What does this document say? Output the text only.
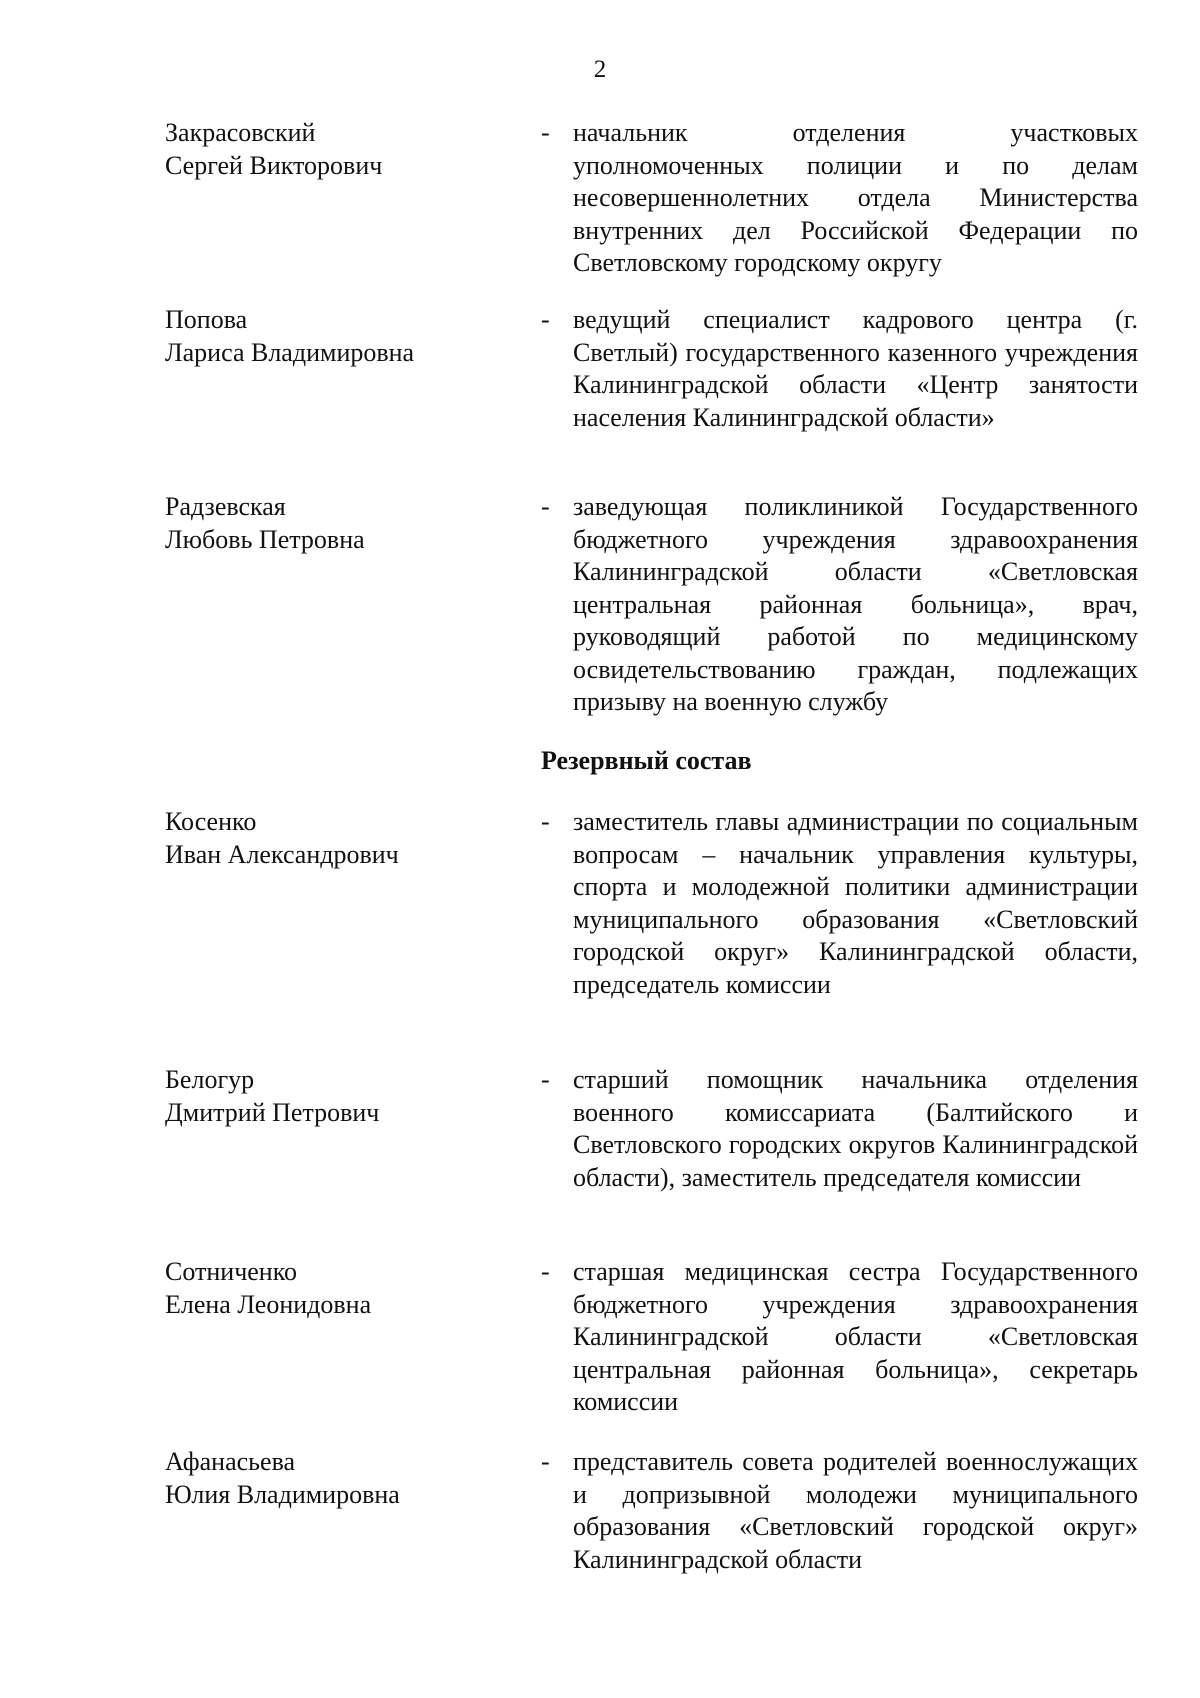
2
Закрасовский
Сергей Викторович
- начальник отделения участковых уполномоченных полиции и по делам несовершеннолетних отдела Министерства внутренних дел Российской Федерации по Светловскому городскому округу
Попова
Лариса Владимировна
- ведущий специалист кадрового центра (г. Светлый) государственного казенного учреждения Калининградской области «Центр занятости населения Калининградской области»
Радзевская
Любовь Петровна
- заведующая поликлиникой Государственного бюджетного учреждения здравоохранения Калининградской области «Светловская центральная районная больница», врач, руководящий работой по медицинскому освидетельствованию граждан, подлежащих призыву на военную службу
Резервный состав
Косенко
Иван Александрович
- заместитель главы администрации по социальным вопросам – начальник управления культуры, спорта и молодежной политики администрации муниципального образования «Светловский городской округ» Калининградской области, председатель комиссии
Белогур
Дмитрий Петрович
- старший помощник начальника отделения военного комиссариата (Балтийского и Светловского городских округов Калининградской области), заместитель председателя комиссии
Сотниченко
Елена Леонидовна
- старшая медицинская сестра Государственного бюджетного учреждения здравоохранения Калининградской области «Светловская центральная районная больница», секретарь комиссии
Афанасьева
Юлия Владимировна
- представитель совета родителей военнослужащих и допризывной молодежи муниципального образования «Светловский городской округ» Калининградской области
